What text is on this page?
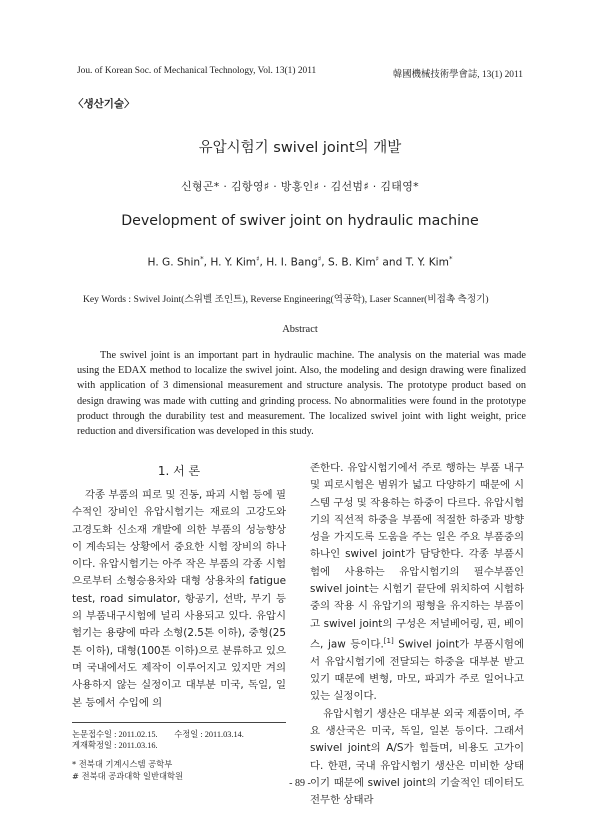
Jou. of Korean Soc. of Mechanical Technology, Vol. 13(1) 2011	韓國機械技術學會誌, 13(1) 2011
〈생산기술〉
유압시험기 swivel joint의 개발
신형곤* · 김항영♯ · 방홍인♯ · 김선범♯ · 김태영*
Development of swiver joint on hydraulic machine
H. G. Shin*, H. Y. Kim♯, H. I. Bang♯, S. B. Kim♯ and T. Y. Kim*
Key Words : Swivel Joint(스위벨 조인트), Reverse Engineering(역공학), Laser Scanner(비접촉 측정기)
Abstract

The swivel joint is an important part in hydraulic machine. The analysis on the material was made using the EDAX method to localize the swivel joint. Also, the modeling and design drawing were finalized with application of 3 dimensional measurement and structure analysis. The prototype product based on design drawing was made with cutting and grinding process. No abnormalities were found in the prototype product through the durability test and measurement. The localized swivel joint with light weight, price reduction and diversification was developed in this study.

1. 서 론

각종 부품의 피로 및 진동, 파괴 시험 등에 필수적인 장비인 유압시험기는 재료의 고강도와 고경도화 신소재 개발에 의한 부품의 성능향상이 계속되는 상황에서 중요한 시험 장비의 하나이다. 유압시험기는 아주 작은 부품의 각종 시험으로부터 소형승용차와 대형 상용차의 fatigue test, road simulator, 항공기, 선박, 무기 등의 부품내구시험에 널리 사용되고 있다. 유압시험기는 용량에 따라 소형(2.5톤 이하), 중형(25톤 이하), 대형(100톤 이하)으로 분류하고 있으며 국내에서도 제작이 이루어지고 있지만 겨의 사용하지 않는 실정이고 대부분 미국, 독일, 일본 등에서 수입에 의

존한다. 유압시험기에서 주로 행하는 부품 내구 및 피로시험은 범위가 넓고 다양하기 때문에 시스템 구성 및 작용하는 하중이 다르다. 유압시험기의 직선적 하중을 부품에 적절한 하중과 방향성을 가지도록 도움을 주는 일은 주요 부품중의 하나인 swivel joint가 담당한다. 각종 부품시험에 사용하는 유압시험기의 필수부품인 swivel joint는 시험기 끝단에 위치하여 시험하중의 작용 시 유압기의 평형을 유지하는 부품이고 swivel joint의 구성은 저널베어링, 핀, 베이스, jaw 등이다.[1] Swivel joint가 부품시험에서 유압시험기에 전달되는 하중을 대부분 받고 있기 때문에 변형, 마모, 파괴가 주로 일어나고 있는 실정이다.

유압시험기 생산은 대부분 외국 제품이며, 주요 생산국은 미국, 독일, 일본 등이다. 그래서 swivel joint의 A/S가 힘들며, 비용도 고가이다. 한편, 국내 유압시험기 생산은 미비한 상태이기 때문에 swivel joint의 기술적인 데이터도 전무한 상태라

논문접수일 : 2011.02.15.        수정일 : 2011.03.14.
게재확정일 : 2011.03.16.
* 전북대 기계시스템 공학부
# 전북대 공과대학 일반대학원
- 89 -
